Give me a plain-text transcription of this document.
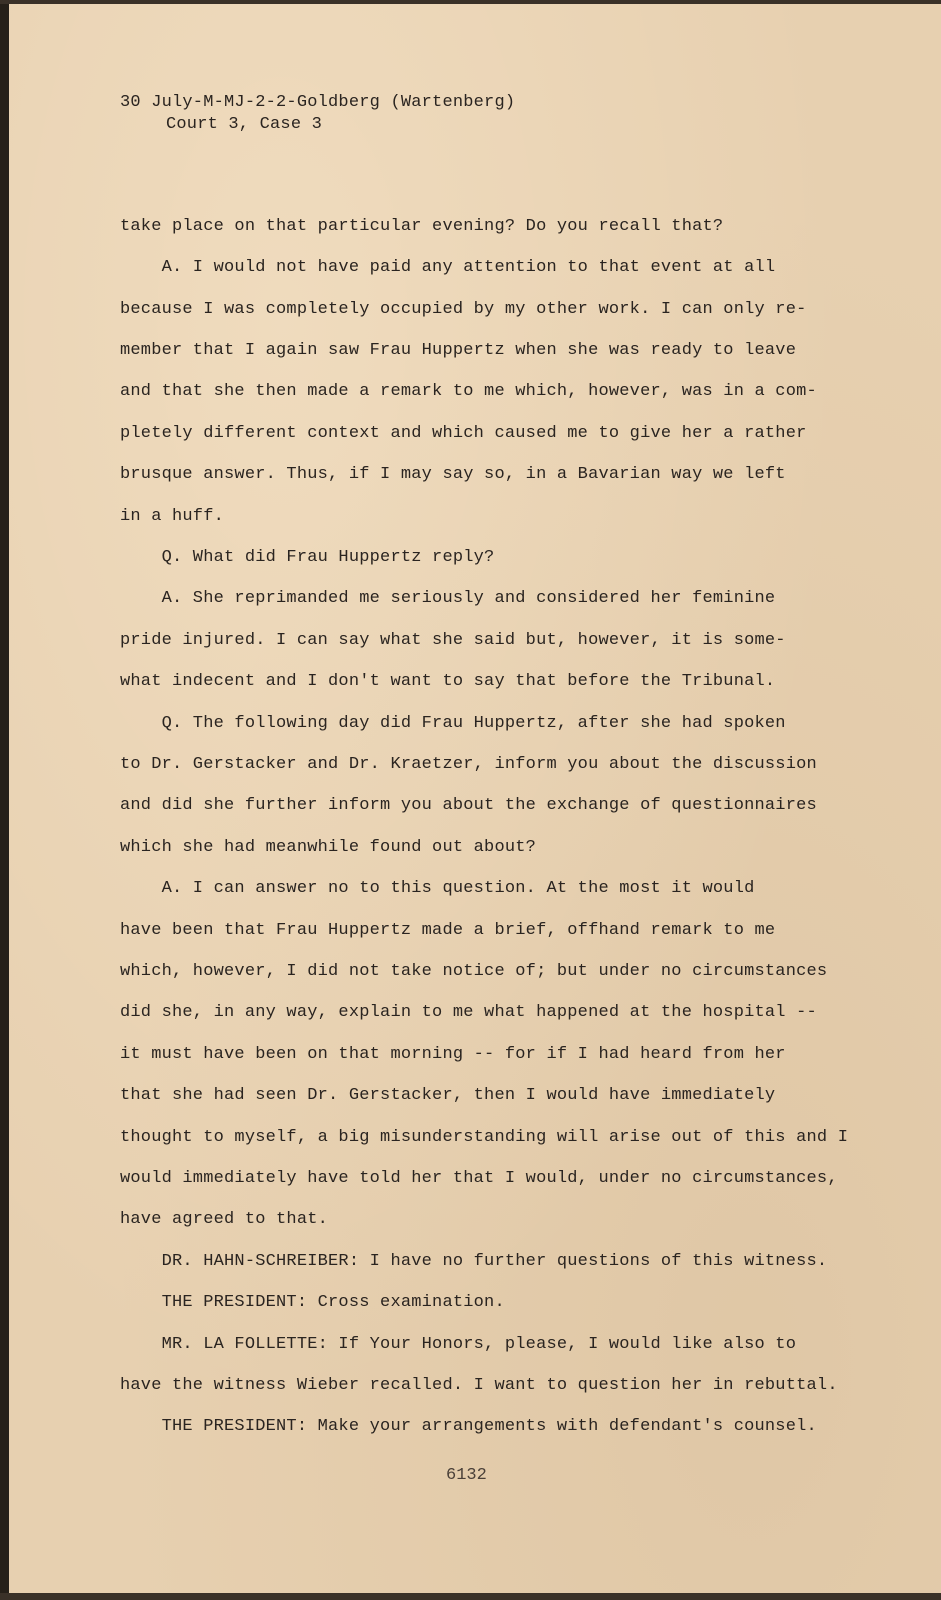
30 July-M-MJ-2-2-Goldberg (Wartenberg)

Court 3, Case 3

take place on that particular evening? Do you recall that?

A. I would not have paid any attention to that event at all

because I was completely occupied by my other work. I can only re-

member that I again saw Frau Huppertz when she was ready to leave

and that she then made a remark to me which, however, was in a com-

pletely different context and which caused me to give her a rather

brusque answer. Thus, if I may say so, in a Bavarian way we left

in a huff.

Q. What did Frau Huppertz reply?

A. She reprimanded me seriously and considered her feminine

pride injured. I can say what she said but, however, it is some-

what indecent and I don't want to say that before the Tribunal.

Q. The following day did Frau Huppertz, after she had spoken

to Dr. Gerstacker and Dr. Kraetzer, inform you about the discussion

and did she further inform you about the exchange of questionnaires

which she had meanwhile found out about?

A. I can answer no to this question. At the most it would

have been that Frau Huppertz made a brief, offhand remark to me

which, however, I did not take notice of; but under no circumstances

did she, in any way, explain to me what happened at the hospital --

it must have been on that morning -- for if I had heard from her

that she had seen Dr. Gerstacker, then I would have immediately

thought to myself, a big misunderstanding will arise out of this and I

would immediately have told her that I would, under no circumstances,

have agreed to that.

DR. HAHN-SCHREIBER: I have no further questions of this witness.

THE PRESIDENT: Cross examination.

MR. LA FOLLETTE: If Your Honors, please, I would like also to

have the witness Wieber recalled. I want to question her in rebuttal.

THE PRESIDENT: Make your arrangements with defendant's counsel.

6132
